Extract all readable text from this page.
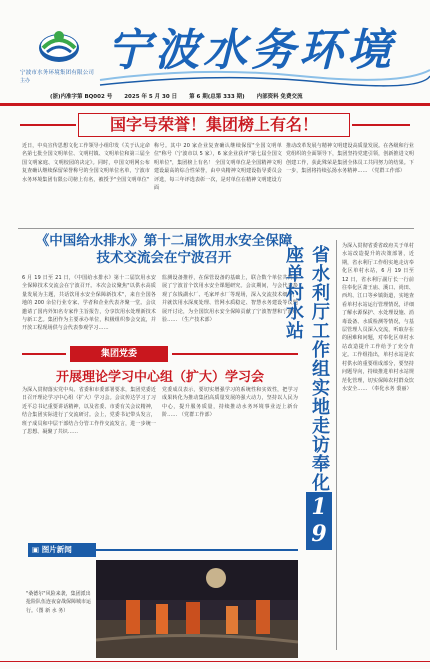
宁波市水务环境集团有限公司
主办
宁波水务环境
(浙)内准字第 BQ002 号 2025 年 5 月 30 日 第 6 期(总第 333 期) 内部资料 免费交流
国字号荣誉！集团榜上有名！
近日，中央宣传思想文化工作领导小组印发《关于认定命名第七批全国文明单位、文明村镇、文明单位和第三届全国文明家庭、文明校园的决定》。同时，中国文明网公布复查确认继续保留荣誉称号的全国文明单位名单，宁波市水务环境集团有限公司榜上有名，被授予"全国文明单位"
称号。其中 20 家企业复查确认继续保留"全国文明单位"称号（宁波市以 5 家），6 家企业获评"第七届全国文明单位"，集团榜上有名！ 全国文明单位是全国精神文明建设最高的综合性荣誉，由中央精神文明建设指导委员会评选，每三年评选表彰一次，是对单位在精神文明建设方面
推动改革发展与精神文明建设高质量发展。在各级和行业党组织的全面领导下，集团坚持党建引领，创新推进文明创建工作，获此殊荣是集团全体员工共同努力的结果。下一步，集团将持续弘扬水务精神…… （党群工作部）
《中国给水排水》第十二届饮用水安全保障技术交流会在宁波召开
6 月 19 日至 21 日，《中国给水排水》第十二届饮用水安全保障技术交流会在宁波召开。本次会议聚焦"以供水高质量发展为主题，共话饮用水安全保障新技术"，来自全国各地的 200 余位行业专家、学者和企业代表齐聚一堂。会议邀请了国内外知名专家作主旨报告，分享饮用水处理新技术与新工艺。集团作为主要承办单位，积极组织参会交流，并开放工程现场供与会代表参观学习……
监测设备推荐，在保管设备的基础上，联合数个单位共同开展了宁波首个饮用水安全课题研究。会议期间，与会代表参观了东钱湖水厂、毛家坪水厂等现场，深入交流技术细节，并就饮用水深度处理、管网水质稳定、智慧水务建设等议题展开讨论，为全国饮用水安全保障贡献了宁波智慧和宁波经验…… （生产技术部）	省水利厅工作组实地走访奉化19座单村水站	为深入贯彻省委省政府关于单村水站改造提升的决策部署，近期，省水利厅工作组实地走访奉化区单村水站，6 月 19 日至 12 日，省水利厅副厅长一行前往奉化区萧王庙、溪口、尚田、西坞、江口等乡镇街道，实地查看单村水站运行管理情况，详细了解水源保护、水处理设施、消毒设备、水质检测等情况，与基层管理人员深入交流，听取存在的困难和问题，对奉化区单村水站改造提升工作给予了充分肯定。工作组指出，单村水站是农村供水的重要组成部分，要坚持问题导向，持续推进单村水站规范化管理，切实保障农村群众饮水安全…… （奉化水务 裘丽）
集团党委
开展理论学习中心组（扩大）学习会
为深入贯彻落实党中央、省委和市委部署要求，集团党委近日召开理论学习中心组（扩大）学习会。会议传达学习了习近平总书记重要讲话精神，以及省委、市委有关会议精神，结合集团实际进行了交流研讨。会上，党委书记带头发言，班子成员和中层干部结合分管工作作交流发言，进一步统一了思想、凝聚了共识……
党委成员表示，要切实增强学习的系统性和实效性，把学习成果转化为推动集团高质量发展的强大动力，坚持以人民为中心，提升服务质量，持续推动水务环境事业迈上新台阶…… （党群工作部）
▣ 图片新闻
"桑德尔"风险来袭，集团派出抢险队伍连夜奋战保障城市运行。（图 新 水 务）
